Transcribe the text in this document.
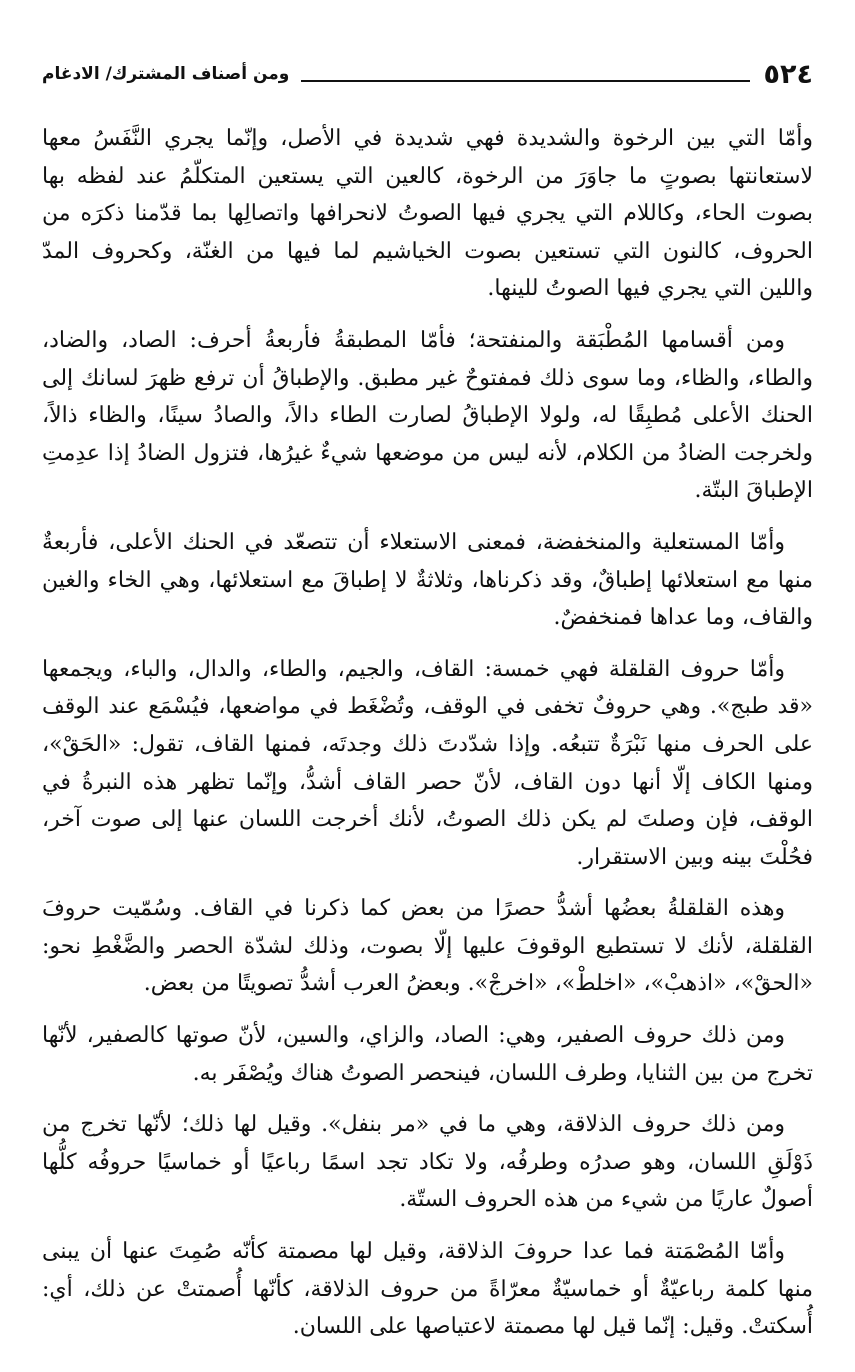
٥٢٤
ومن أصناف المشترك/ الادغام

وأمّا التي بين الرخوة والشديدة فهي شديدة في الأصل، وإنّما يجري النَّفَسُ معها لاستعانتها بصوتٍ ما جاوَرَ من الرخوة، كالعين التي يستعين المتكلّمُ عند لفظه بها بصوت الحاء، وكاللام التي يجري فيها الصوتُ لانحرافها واتصالِها بما قدّمنا ذكرَه من الحروف، كالنون التي تستعين بصوت الخياشيم لما فيها من الغنّة، وكحروف المدّ واللين التي يجري فيها الصوتُ للينها.

ومن أقسامها المُطْبَقة والمنفتحة؛ فأمّا المطبقةُ فأربعةُ أحرف: الصاد، والضاد، والطاء، والظاء، وما سوى ذلك فمفتوحٌ غير مطبق. والإطباقُ أن ترفع ظهرَ لسانك إلى الحنك الأعلى مُطبِقًا له، ولولا الإطباقُ لصارت الطاء دالاً، والصادُ سينًا، والظاء ذالاً، ولخرجت الضادُ من الكلام، لأنه ليس من موضعها شيءٌ غيرُها، فتزول الضادُ إذا عدِمتِ الإطباقَ البتّة.

وأمّا المستعلية والمنخفضة، فمعنى الاستعلاء أن تتصعّد في الحنك الأعلى، فأربعةٌ منها مع استعلائها إطباقٌ، وقد ذكرناها، وثلاثةٌ لا إطباقَ مع استعلائها، وهي الخاء والغين والقاف، وما عداها فمنخفضٌ.

وأمّا حروف القلقلة فهي خمسة: القاف، والجيم، والطاء، والدال، والباء، ويجمعها «قد طبج». وهي حروفٌ تخفى في الوقف، وتُضْغَط في مواضعها، فيُسْمَع عند الوقف على الحرف منها نَبْرَةٌ تتبعُه. وإذا شدّدتَ ذلك وجدتَه، فمنها القاف، تقول: «الحَقْ»، ومنها الكاف إلّا أنها دون القاف، لأنّ حصر القاف أشدُّ، وإنّما تظهر هذه النبرةُ في الوقف، فإن وصلتَ لم يكن ذلك الصوتُ، لأنك أخرجت اللسان عنها إلى صوت آخر، فحُلْتَ بينه وبين الاستقرار.

وهذه القلقلةُ بعضُها أشدُّ حصرًا من بعض كما ذكرنا في القاف. وسُمّيت حروفَ القلقلة، لأنك لا تستطيع الوقوفَ عليها إلّا بصوت، وذلك لشدّة الحصر والضَّغْطِ نحو: «الحقْ»، «اذهبْ»، «اخلطْ»، «اخرجْ». وبعضُ العرب أشدُّ تصويتًا من بعض.

ومن ذلك حروف الصفير، وهي: الصاد، والزاي، والسين، لأنّ صوتها كالصفير، لأنّها تخرج من بين الثنايا، وطرف اللسان، فينحصر الصوتُ هناك ويُصْفَر به.

ومن ذلك حروف الذلاقة، وهي ما في «مر بنفل». وقيل لها ذلك؛ لأنّها تخرج من ذَوْلَقِ اللسان، وهو صدرُه وطرفُه، ولا تكاد تجد اسمًا رباعيًا أو خماسيًا حروفُه كلُّها أصولٌ عاريًا من شيء من هذه الحروف الستّة.

وأمّا المُصْمَتة فما عدا حروفَ الذلاقة، وقيل لها مصمتة كأنّه صُمِتَ عنها أن يبنى منها كلمة رباعيّةٌ أو خماسيّةٌ معرّاةً من حروف الذلاقة، كأنّها أُصمتتْ عن ذلك، أي: أُسكتتْ. وقيل: إنّما قيل لها مصمتة لاعتياصها على اللسان.
